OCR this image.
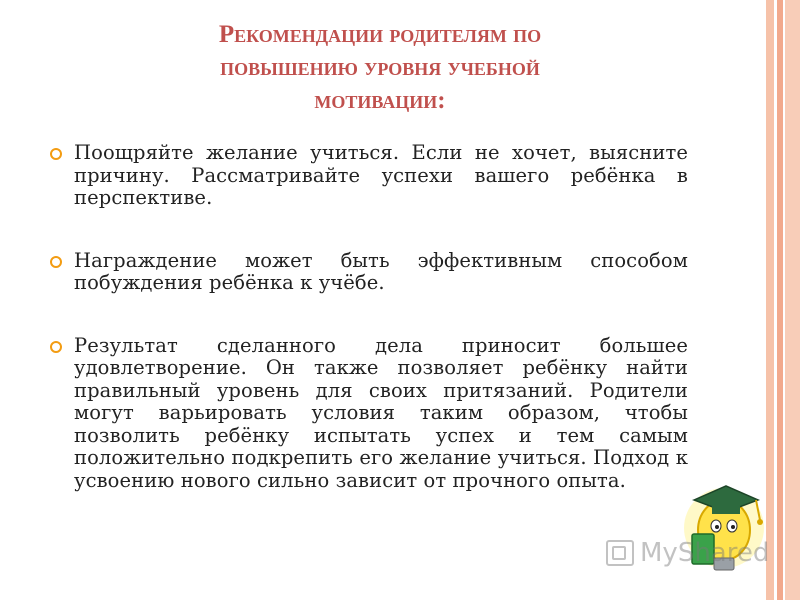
Рекомендации родителям по
повышению уровня учебной
мотивации:
Поощряйте желание учиться. Если не хочет, выясните причину. Рассматривайте успехи вашего ребёнка в перспективе.
Награждение может быть эффективным способом побуждения ребёнка к учёбе.
Результат сделанного дела приносит большее удовлетворение. Он также позволяет ребёнку найти правильный уровень для своих притязаний. Родители могут варьировать условия таким образом, чтобы позволить ребёнку испытать успех и тем самым положительно подкрепить его желание учиться. Подход к усвоению нового сильно зависит от прочного опыта.
MyShared
